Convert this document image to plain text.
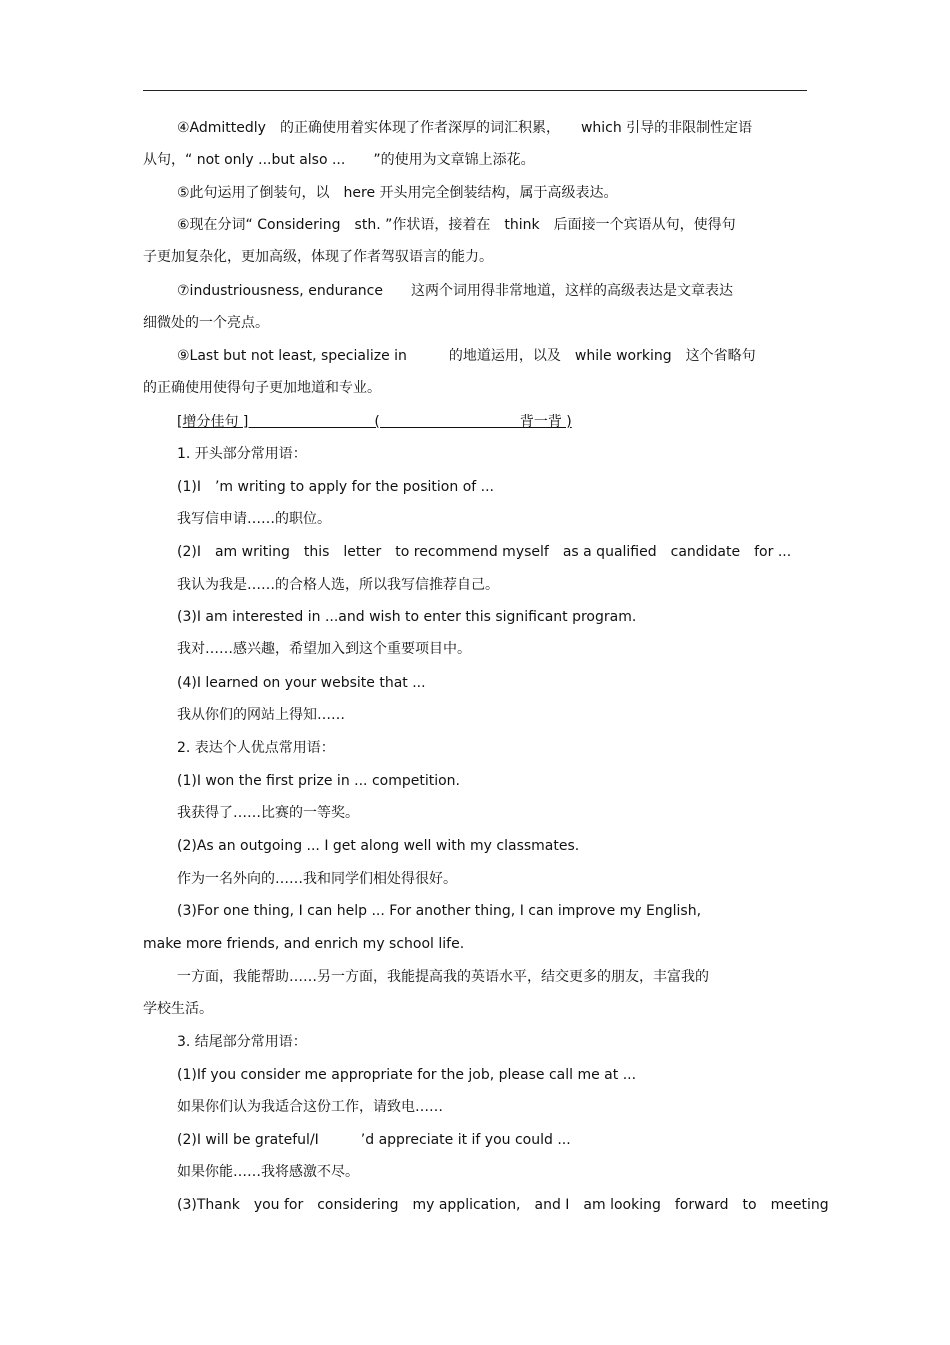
④Admittedly　的正确使用着实体现了作者深厚的词汇积累，　　which 引导的非限制性定语
从句，“ not only ...but also ...　　”的使用为文章锦上添花。
⑤此句运用了倒装句，以　here 开头用完全倒装结构，属于高级表达。
⑥现在分词“ Considering　sth. ”作状语，接着在　think　后面接一个宾语从句，使得句
子更加复杂化，更加高级，体现了作者驾驭语言的能力。
⑦industriousness, endurance　　这两个词用得非常地道，这样的高级表达是文章表达
细微处的一个亮点。
⑨Last but not least, specialize in　　　的地道运用，以及　while working　这个省略句
的正确使用使得句子更加地道和专业。
[增分佳句 ]　　　　　　　　　(　　　　　　　　　　背一背 )
1. 开头部分常用语：
(1)I　’m writing to apply for the position of ...
我写信申请……的职位。
(2)I　am writing　this　letter　to recommend myself　as a qualified　candidate　for ...
我认为我是……的合格人选，所以我写信推荐自己。
(3)I am interested in ...and wish to enter this significant program.
我对……感兴趣，希望加入到这个重要项目中。
(4)I learned on your website that ...
我从你们的网站上得知……
2. 表达个人优点常用语：
(1)I won the first prize in ... competition.
我获得了……比赛的一等奖。
(2)As an outgoing ... I get along well with my classmates.
作为一名外向的……我和同学们相处得很好。
(3)For one thing, I can help ... For another thing, I can improve my English,
make more friends, and enrich my school life.
一方面，我能帮助……另一方面，我能提高我的英语水平，结交更多的朋友，丰富我的
学校生活。
3. 结尾部分常用语：
(1)If you consider me appropriate for the job, please call me at ...
如果你们认为我适合这份工作，请致电……
(2)I will be grateful/I　　　’d appreciate it if you could ...
如果你能……我将感激不尽。
(3)Thank　you for　considering　my application,　and I　am looking　forward　to　meeting
